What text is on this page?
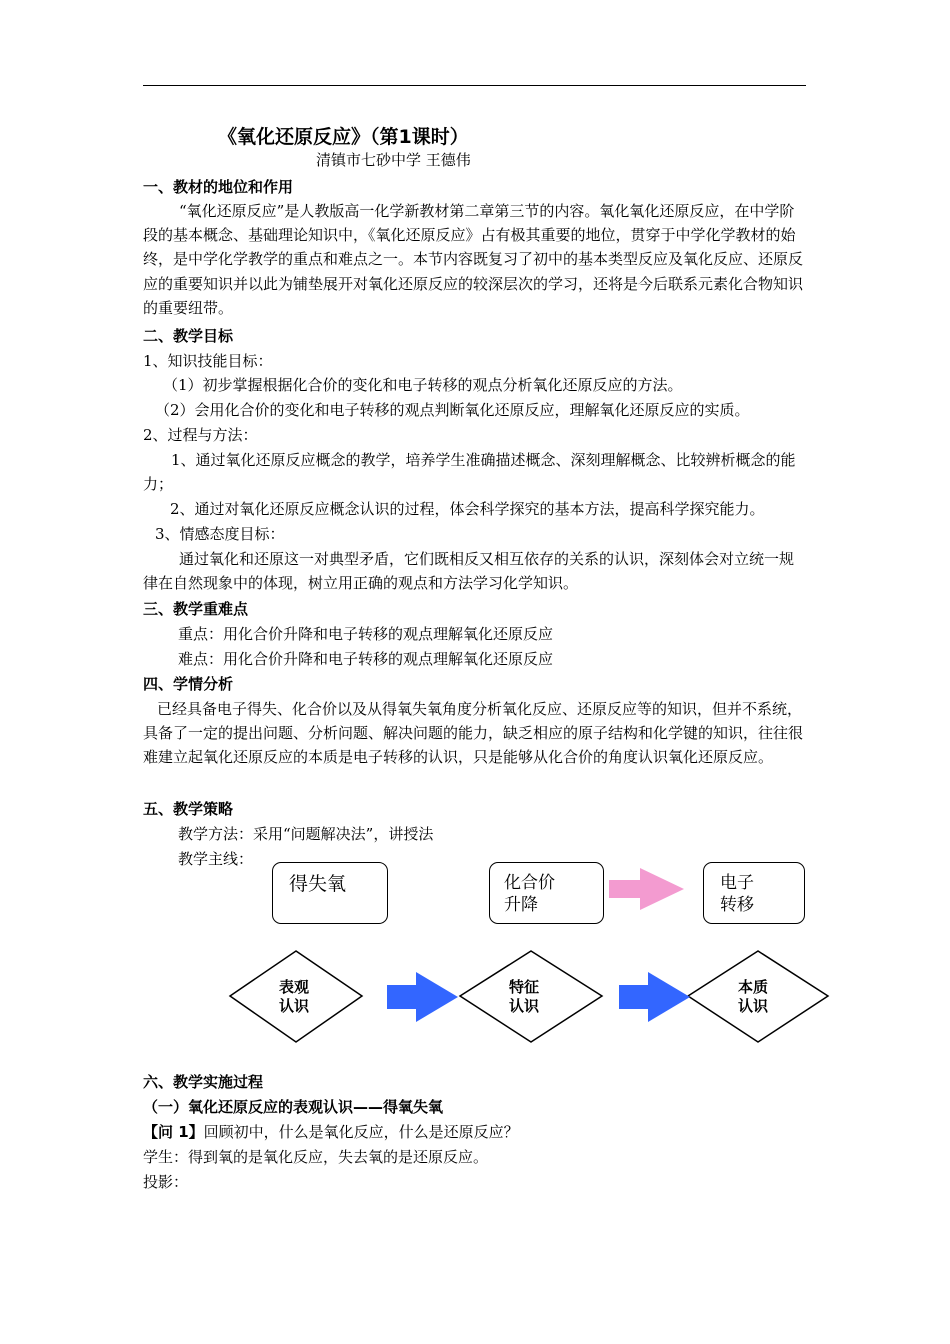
《氧化还原反应》（第1课时）
清镇市七砂中学 王德伟
一、教材的地位和作用
“氧化还原反应”是人教版高一化学新教材第二章第三节的内容。氧化氧化还原反应，在中学阶段的基本概念、基础理论知识中，《氧化还原反应》占有极其重要的地位，贯穿于中学化学教材的始终，是中学化学教学的重点和难点之一。本节内容既复习了初中的基本类型反应及氧化反应、还原反应的重要知识并以此为铺垫展开对氧化还原反应的较深层次的学习，还将是今后联系元素化合物知识的重要纽带。
二、教学目标
1、知识技能目标：
（1）初步掌握根据化合价的变化和电子转移的观点分析氧化还原反应的方法。
（2）会用化合价的变化和电子转移的观点判断氧化还原反应，理解氧化还原反应的实质。
2、过程与方法：
1、通过氧化还原反应概念的教学，培养学生准确描述概念、深刻理解概念、比较辨析概念的能力；
2、通过对氧化还原反应概念认识的过程，体会科学探究的基本方法，提高科学探究能力。
3、情感态度目标：
通过氧化和还原这一对典型矛盾，它们既相反又相互依存的关系的认识，深刻体会对立统一规律在自然现象中的体现，树立用正确的观点和方法学习化学知识。
三、教学重难点
重点：用化合价升降和电子转移的观点理解氧化还原反应
难点：用化合价升降和电子转移的观点理解氧化还原反应
四、学情分析
已经具备电子得失、化合价以及从得氧失氧角度分析氧化反应、还原反应等的知识，但并不系统，具备了一定的提出问题、分析问题、解决问题的能力，缺乏相应的原子结构和化学键的知识，往往很难建立起氧化还原反应的本质是电子转移的认识，只是能够从化合价的角度认识氧化还原反应。
五、教学策略
教学方法：采用“问题解决法”，讲授法
教学主线：
得失氧	化合价
升降
电子
转移
表观
认识
特征
认识
本质
认识
六、教学实施过程
（一）氧化还原反应的表观认识——得氧失氧
【问 1】回顾初中，什么是氧化反应，什么是还原反应？
学生：得到氧的是氧化反应，失去氧的是还原反应。
投影：
